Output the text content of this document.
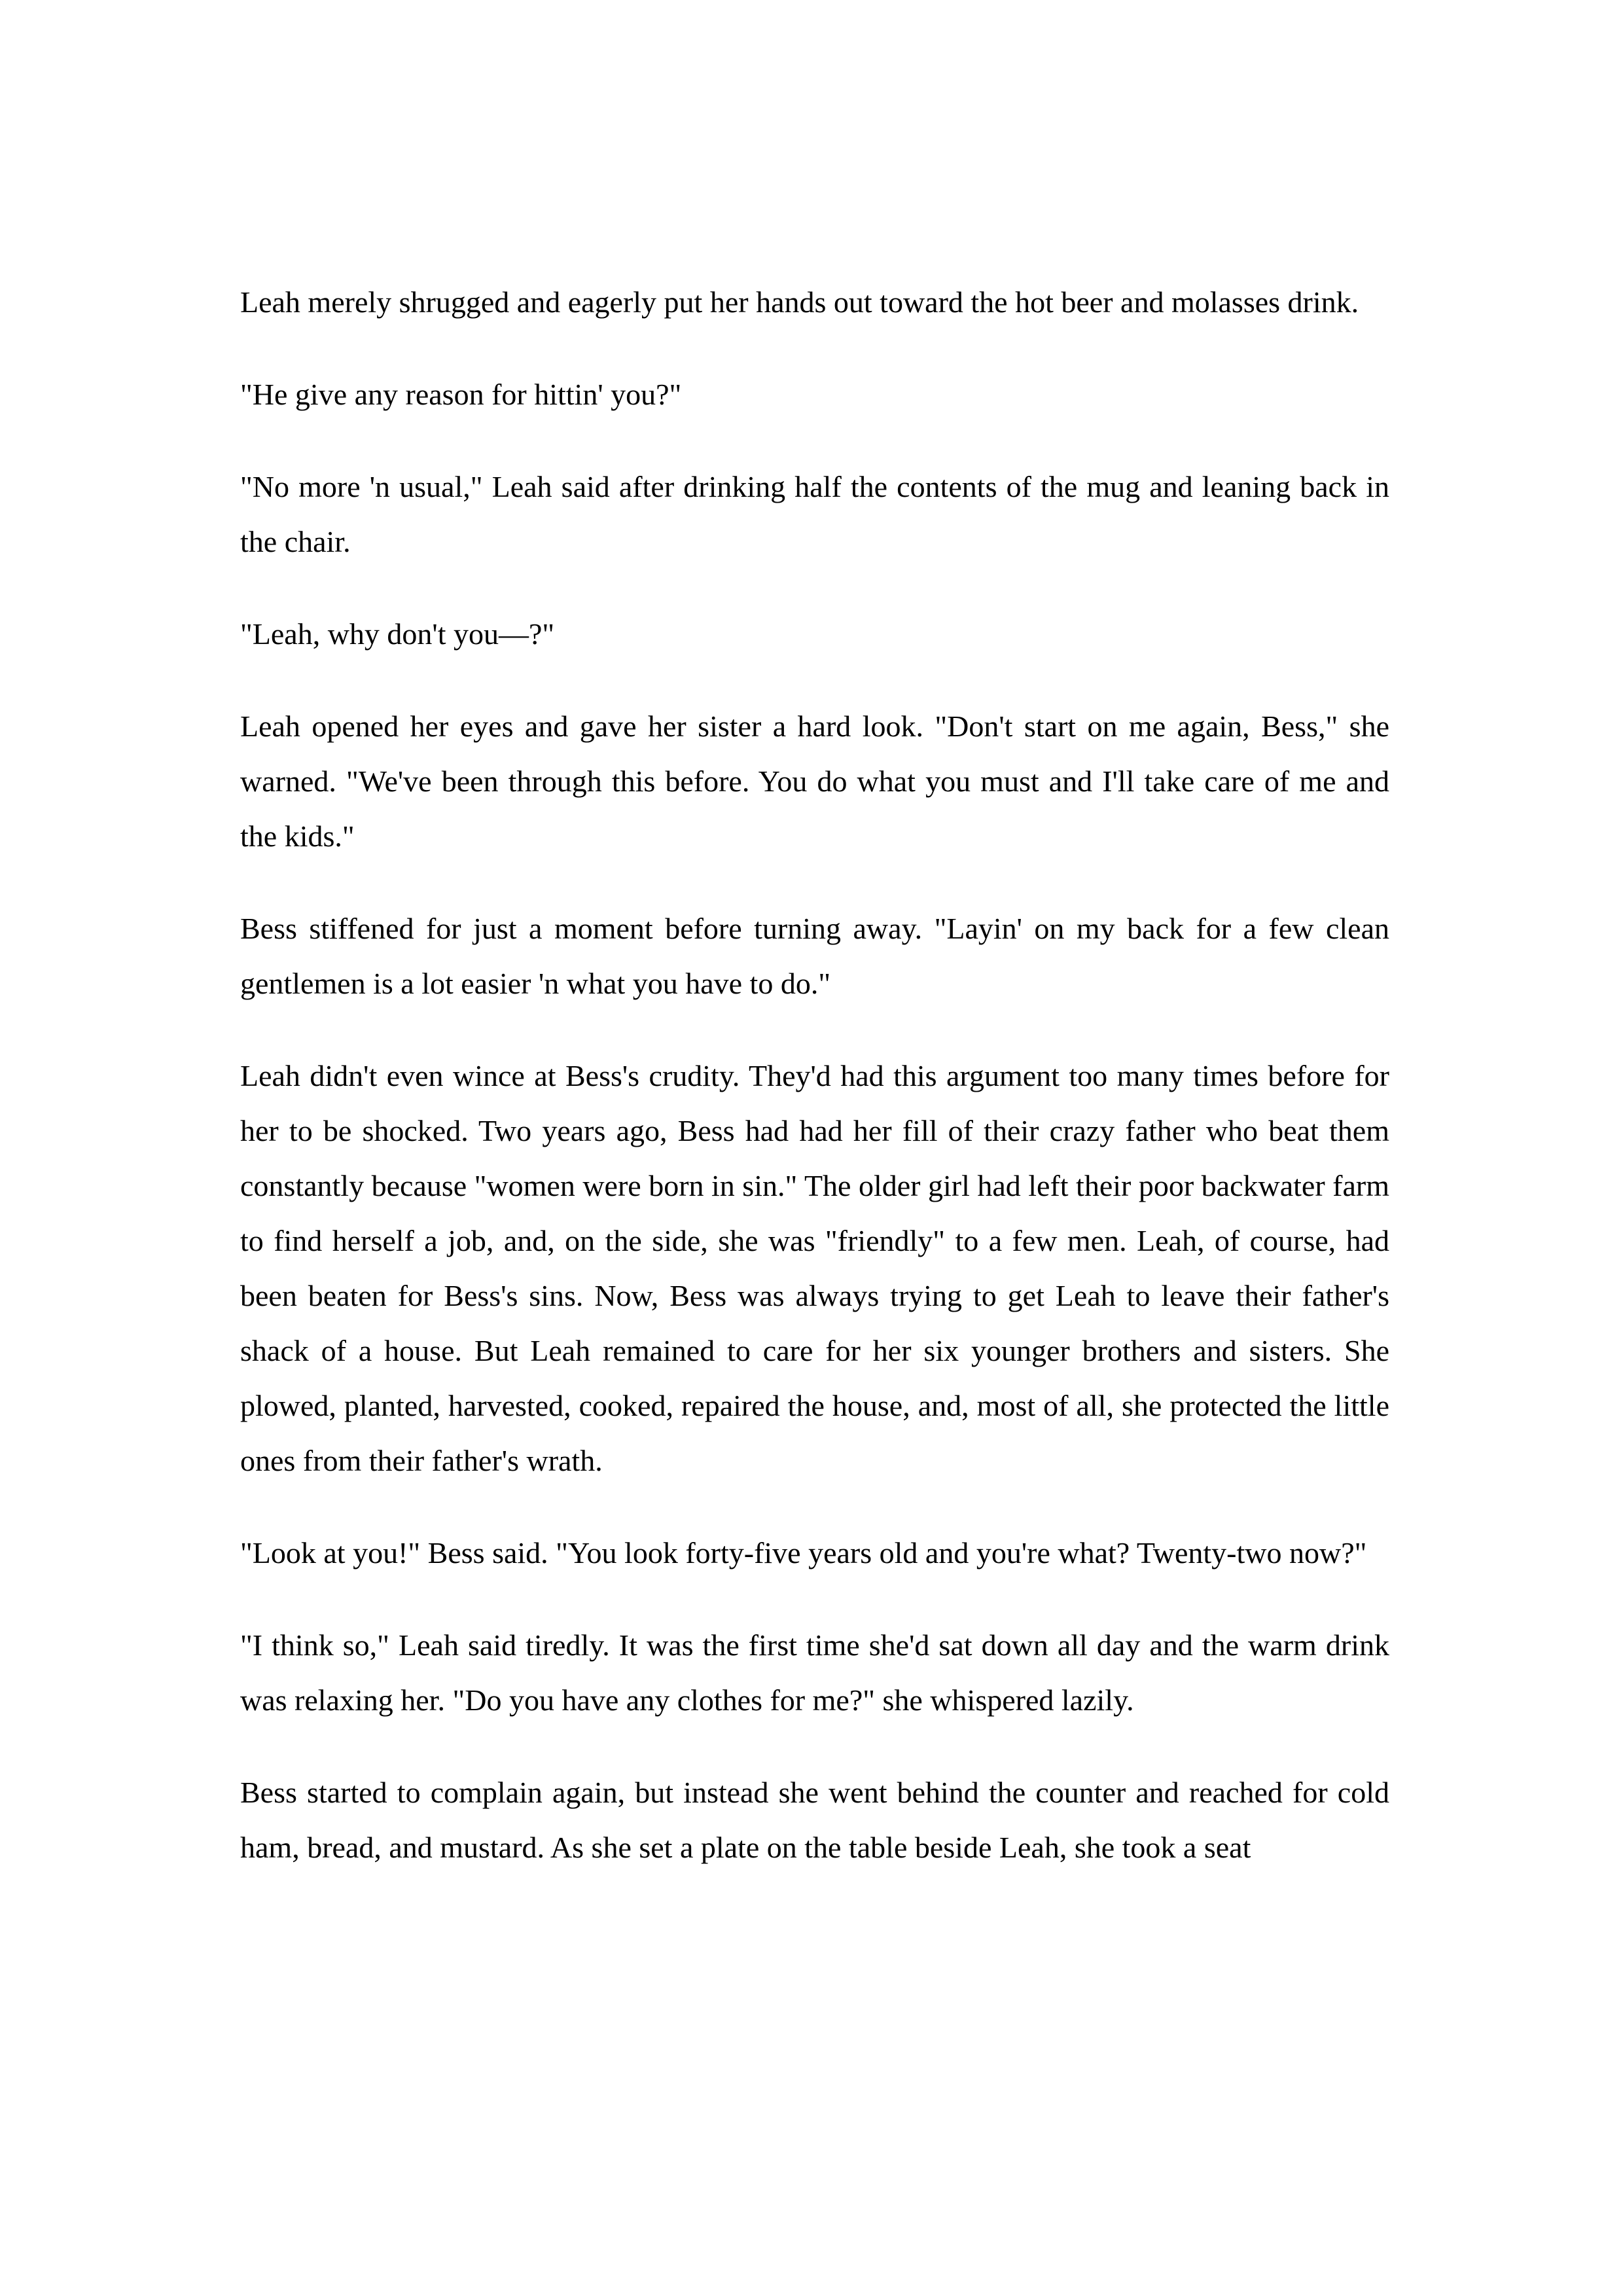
Leah merely shrugged and eagerly put her hands out toward the hot beer and molasses drink.

"He give any reason for hittin' you?"

"No more 'n usual," Leah said after drinking half the contents of the mug and leaning back in the chair.

"Leah, why don't you—?"

Leah opened her eyes and gave her sister a hard look. "Don't start on me again, Bess," she warned. "We've been through this before. You do what you must and I'll take care of me and the kids."

Bess stiffened for just a moment before turning away. "Layin' on my back for a few clean gentlemen is a lot easier 'n what you have to do."

Leah didn't even wince at Bess's crudity. They'd had this argument too many times before for her to be shocked. Two years ago, Bess had had her fill of their crazy father who beat them constantly because "women were born in sin." The older girl had left their poor backwater farm to find herself a job, and, on the side, she was "friendly" to a few men. Leah, of course, had been beaten for Bess's sins. Now, Bess was always trying to get Leah to leave their father's shack of a house. But Leah remained to care for her six younger brothers and sisters. She plowed, planted, harvested, cooked, repaired the house, and, most of all, she protected the little ones from their father's wrath.

"Look at you!" Bess said. "You look forty-five years old and you're what? Twenty-two now?"

"I think so," Leah said tiredly. It was the first time she'd sat down all day and the warm drink was relaxing her. "Do you have any clothes for me?" she whispered lazily.

Bess started to complain again, but instead she went behind the counter and reached for cold ham, bread, and mustard. As she set a plate on the table beside Leah, she took a seat
